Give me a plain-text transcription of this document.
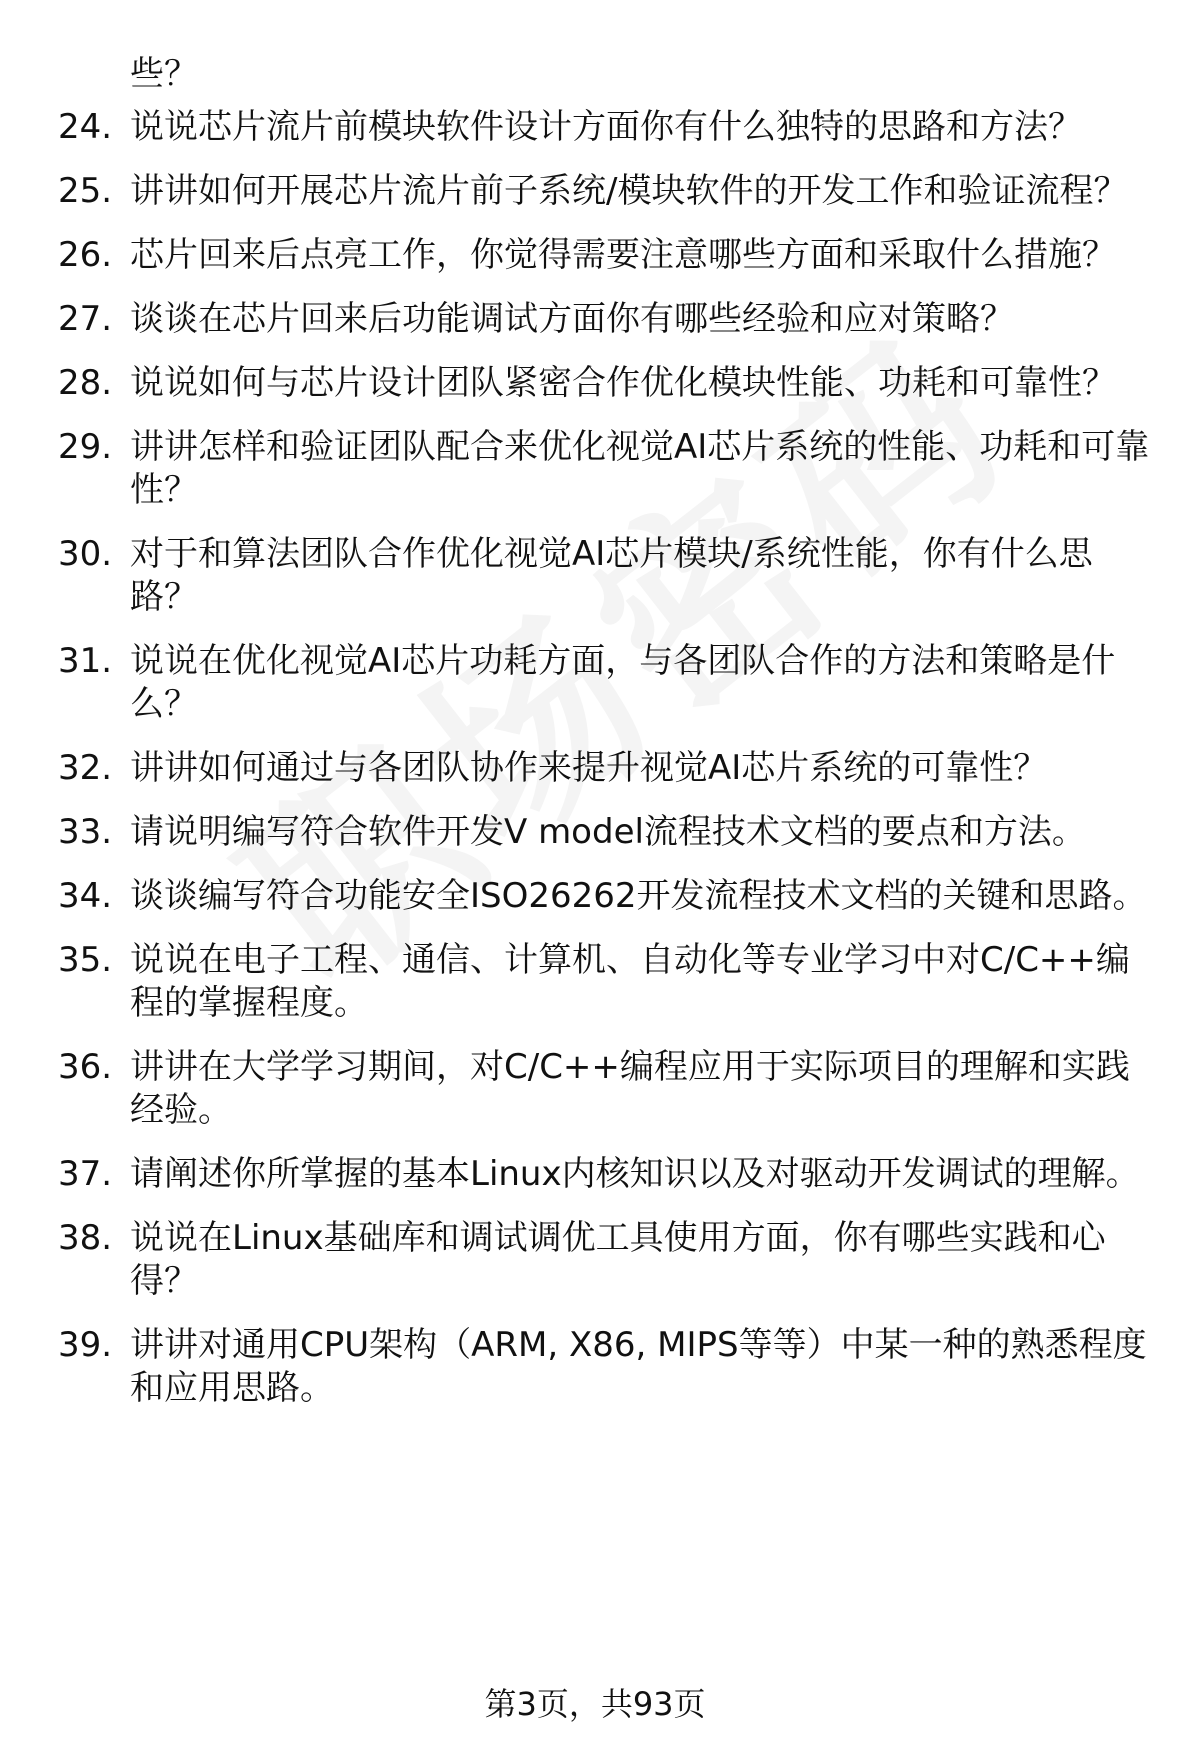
些？

24. 说说芯片流片前模块软件设计方面你有什么独特的思路和方法？
25. 讲讲如何开展芯片流片前子系统/模块软件的开发工作和验证流程？
26. 芯片回来后点亮工作，你觉得需要注意哪些方面和采取什么措施？
27. 谈谈在芯片回来后功能调试方面你有哪些经验和应对策略？
28. 说说如何与芯片设计团队紧密合作优化模块性能、功耗和可靠性？
29. 讲讲怎样和验证团队配合来优化视觉AI芯片系统的性能、功耗和可靠性？
30. 对于和算法团队合作优化视觉AI芯片模块/系统性能，你有什么思路？
31. 说说在优化视觉AI芯片功耗方面，与各团队合作的方法和策略是什么？
32. 讲讲如何通过与各团队协作来提升视觉AI芯片系统的可靠性？
33. 请说明编写符合软件开发V model流程技术文档的要点和方法。
34. 谈谈编写符合功能安全ISO26262开发流程技术文档的关键和思路。
35. 说说在电子工程、通信、计算机、自动化等专业学习中对C/C++编程的掌握程度。
36. 讲讲在大学学习期间，对C/C++编程应用于实际项目的理解和实践经验。
37. 请阐述你所掌握的基本Linux内核知识以及对驱动开发调试的理解。
38. 说说在Linux基础库和调试调优工具使用方面，你有哪些实践和心得？
39. 讲讲对通用CPU架构（ARM, X86, MIPS等等）中某一种的熟悉程度和应用思路。
第3页，共93页
